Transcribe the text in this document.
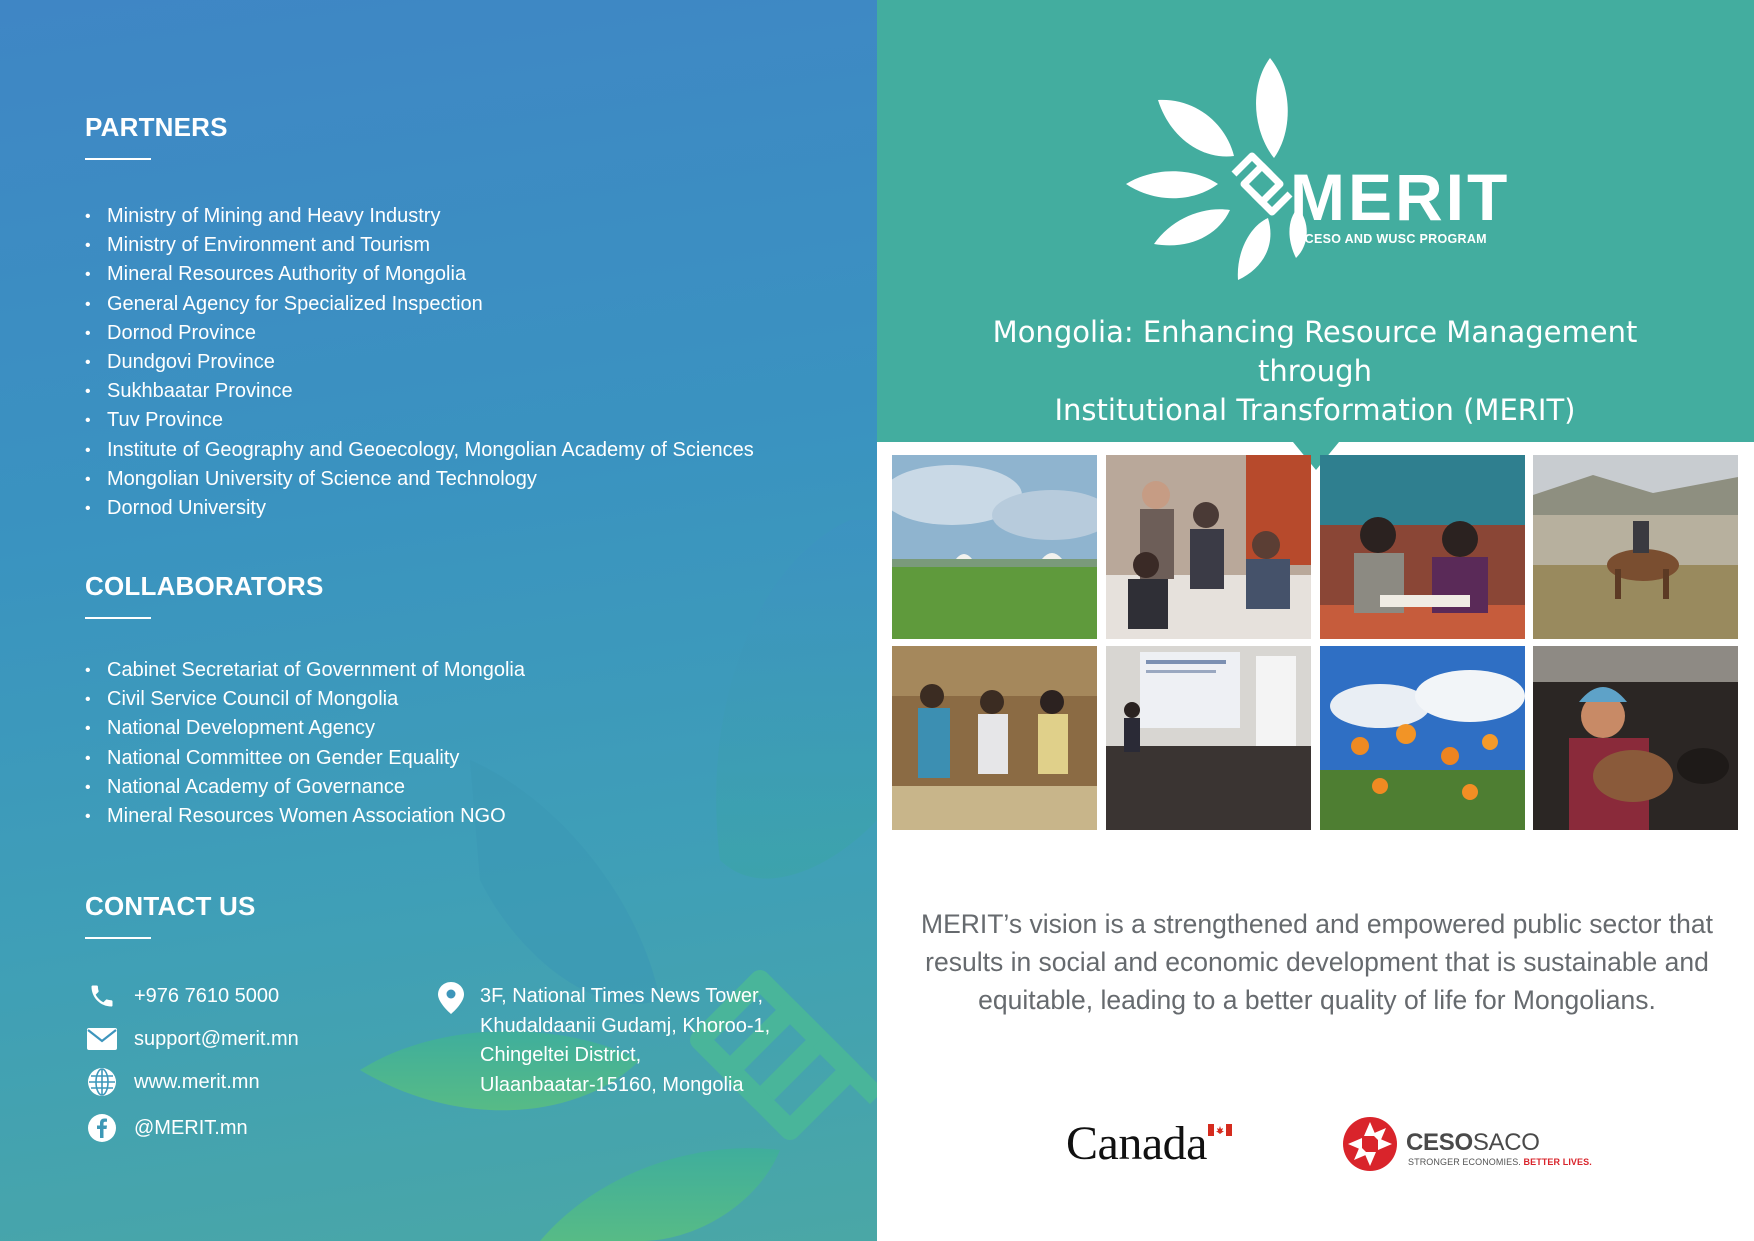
PARTNERS
• Ministry of Mining and Heavy Industry
• Ministry of Environment and Tourism
• Mineral Resources Authority of Mongolia
• General Agency for Specialized Inspection
• Dornod Province
• Dundgovi Province
• Sukhbaatar Province
• Tuv Province
• Institute of Geography and Geoecology, Mongolian Academy of Sciences
• Mongolian University of Science and Technology
• Dornod University
COLLABORATORS
• Cabinet Secretariat of Government of Mongolia
• Civil Service Council of Mongolia
• National Development Agency
• National Committee on Gender Equality
• National Academy of Governance
• Mineral Resources Women Association NGO
CONTACT US
+976 7610 5000
support@merit.mn
www.merit.mn
@MERIT.mn
3F, National Times News Tower,
Khudaldaanii Gudamj, Khoroo-1,
Chingeltei District,
Ulaanbaatar-15160, Mongolia
MERIT
A CESO AND WUSC PROGRAM
Mongolia: Enhancing Resource Management through
Institutional Transformation (MERIT)
MERIT’s vision is a strengthened and empowered public sector that results in social and economic development that is sustainable and equitable, leading to a better quality of life for Mongolians.
Canada	CESOSACO
STRONGER ECONOMIES. BETTER LIVES.
